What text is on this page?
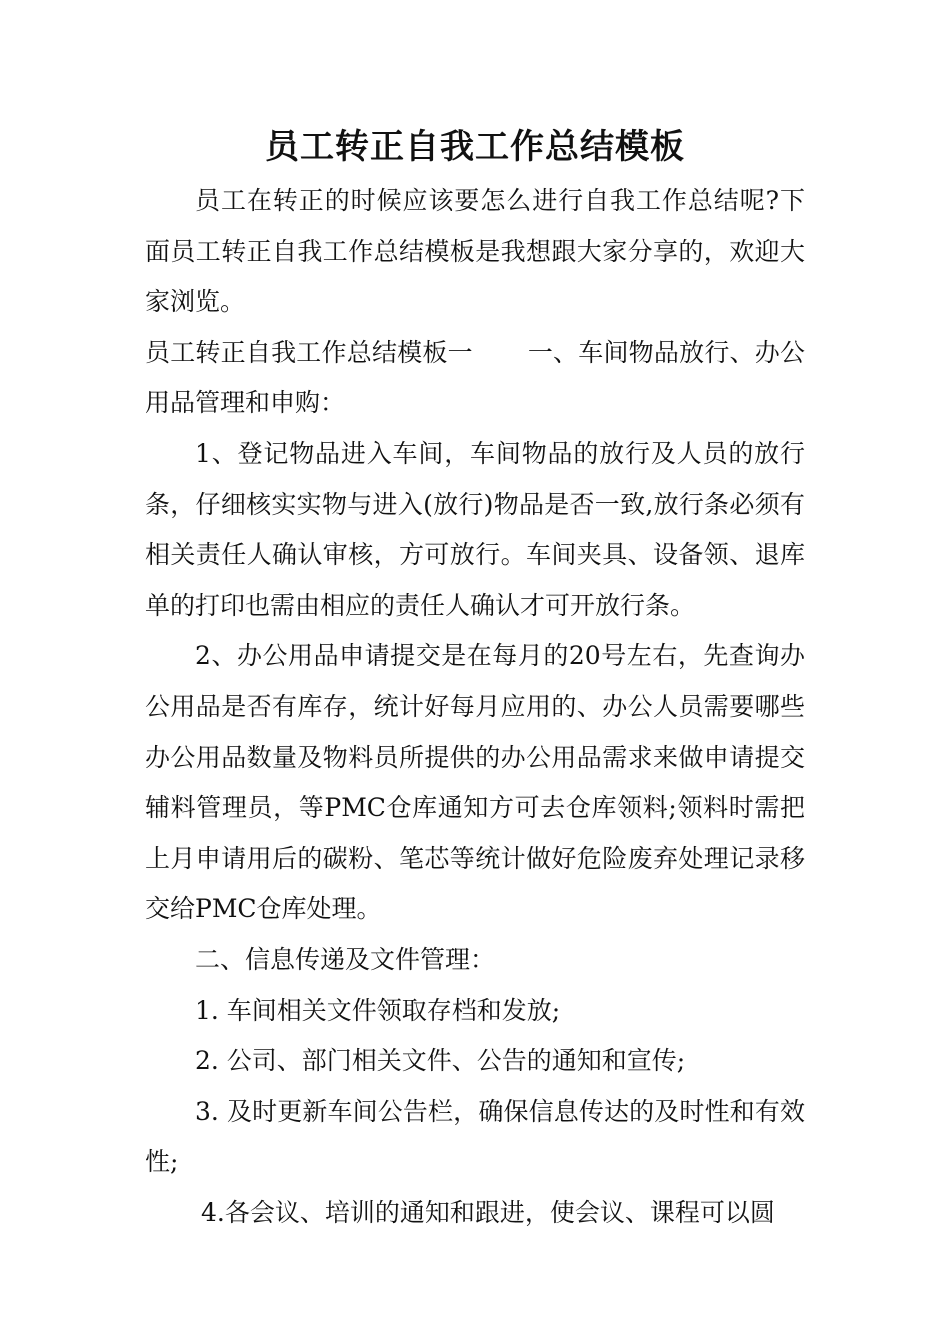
员工转正自我工作总结模板

员工在转正的时候应该要怎么进行自我工作总结呢?下面员工转正自我工作总结模板是我想跟大家分享的，欢迎大家浏览。

员工转正自我工作总结模板一 一、车间物品放行、办公用品管理和申购：

1、登记物品进入车间，车间物品的放行及人员的放行条，仔细核实实物与进入(放行)物品是否一致,放行条必须有相关责任人确认审核，方可放行。车间夹具、设备领、退库单的打印也需由相应的责任人确认才可开放行条。

2、办公用品申请提交是在每月的20号左右，先查询办公用品是否有库存，统计好每月应用的、办公人员需要哪些办公用品数量及物料员所提供的办公用品需求来做申请提交辅料管理员，等PMC仓库通知方可去仓库领料;领料时需把上月申请用后的碳粉、笔芯等统计做好危险废弃处理记录移交给PMC仓库处理。

二、信息传递及文件管理：

1. 车间相关文件领取存档和发放;

2. 公司、部门相关文件、公告的通知和宣传;

3. 及时更新车间公告栏，确保信息传达的及时性和有效性;

4.各会议、培训的通知和跟进，使会议、课程可以圆
